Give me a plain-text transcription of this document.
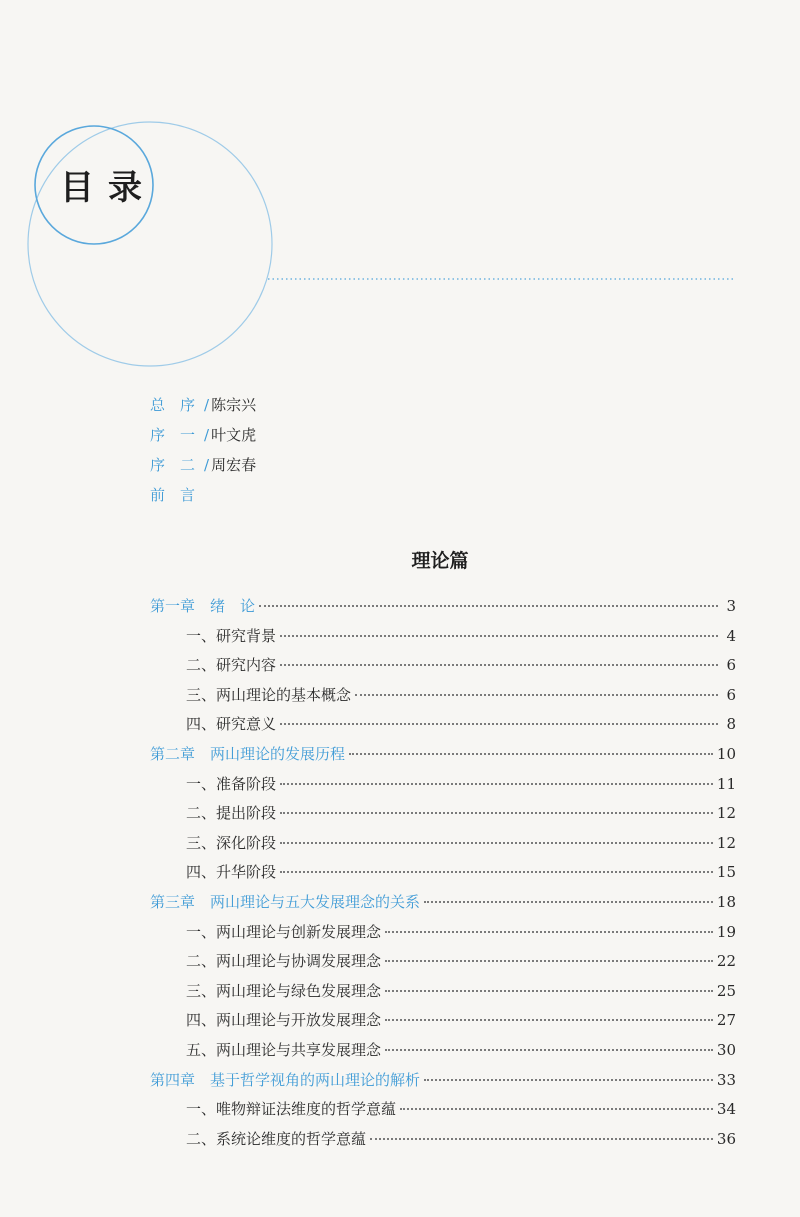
目录
总　序 / 陈宗兴
序　一 / 叶文虎
序　二 / 周宏春
前　言
理论篇
第一章　绪　论	3
一、研究背景	4
二、研究内容	6
三、两山理论的基本概念	6
四、研究意义	8
第二章　两山理论的发展历程	10
一、准备阶段	11
二、提出阶段	12
三、深化阶段	12
四、升华阶段	15
第三章　两山理论与五大发展理念的关系	18
一、两山理论与创新发展理念	19
二、两山理论与协调发展理念	22
三、两山理论与绿色发展理念	25
四、两山理论与开放发展理念	27
五、两山理论与共享发展理念	30
第四章　基于哲学视角的两山理论的解析	33
一、唯物辩证法维度的哲学意蕴	34
二、系统论维度的哲学意蕴	36
